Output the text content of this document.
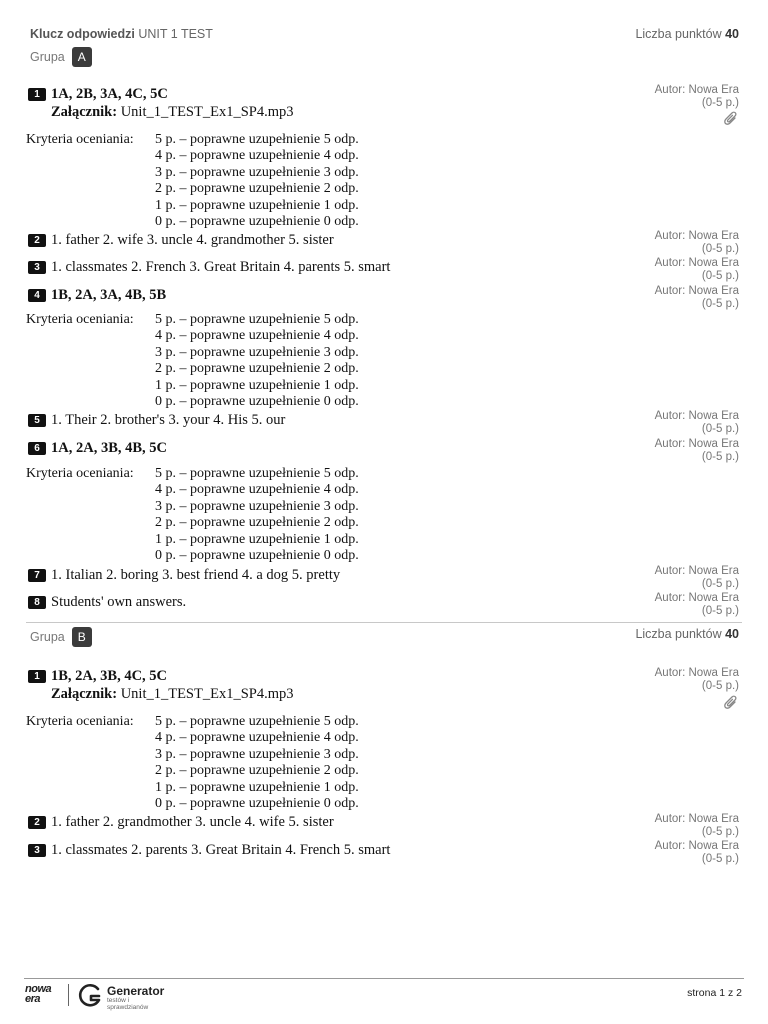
Klucz odpowiedzi UNIT 1 TEST	Liczba punktów 40
Grupa A
1 1A, 2B, 3A, 4C, 5C
Załącznik: Unit_1_TEST_Ex1_SP4.mp3
Autor: Nowa Era
(0-5 p.)
Kryteria oceniania: 5 p. – poprawne uzupełnienie 5 odp.
4 p. – poprawne uzupełnienie 4 odp.
3 p. – poprawne uzupełnienie 3 odp.
2 p. – poprawne uzupełnienie 2 odp.
1 p. – poprawne uzupełnienie 1 odp.
0 p. – poprawne uzupełnienie 0 odp.
2 1. father 2. wife 3. uncle 4. grandmother 5. sister	Autor: Nowa Era
(0-5 p.)
3 1. classmates 2. French 3. Great Britain 4. parents 5. smart	Autor: Nowa Era
(0-5 p.)
4 1B, 2A, 3A, 4B, 5B	Autor: Nowa Era
(0-5 p.)
Kryteria oceniania: 5 p. – poprawne uzupełnienie 5 odp.
4 p. – poprawne uzupełnienie 4 odp.
3 p. – poprawne uzupełnienie 3 odp.
2 p. – poprawne uzupełnienie 2 odp.
1 p. – poprawne uzupełnienie 1 odp.
0 p. – poprawne uzupełnienie 0 odp.
5 1. Their 2. brother's 3. your 4. His 5. our	Autor: Nowa Era
(0-5 p.)
6 1A, 2A, 3B, 4B, 5C	Autor: Nowa Era
(0-5 p.)
Kryteria oceniania: 5 p. – poprawne uzupełnienie 5 odp.
4 p. – poprawne uzupełnienie 4 odp.
3 p. – poprawne uzupełnienie 3 odp.
2 p. – poprawne uzupełnienie 2 odp.
1 p. – poprawne uzupełnienie 1 odp.
0 p. – poprawne uzupełnienie 0 odp.
7 1. Italian 2. boring 3. best friend 4. a dog 5. pretty	Autor: Nowa Era
(0-5 p.)
8 Students' own answers.	Autor: Nowa Era
(0-5 p.)
Grupa B	Liczba punktów 40
1 1B, 2A, 3B, 4C, 5C
Załącznik: Unit_1_TEST_Ex1_SP4.mp3
Autor: Nowa Era
(0-5 p.)
Kryteria oceniania: 5 p. – poprawne uzupełnienie 5 odp.
4 p. – poprawne uzupełnienie 4 odp.
3 p. – poprawne uzupełnienie 3 odp.
2 p. – poprawne uzupełnienie 2 odp.
1 p. – poprawne uzupełnienie 1 odp.
0 p. – poprawne uzupełnienie 0 odp.
2 1. father 2. grandmother 3. uncle 4. wife 5. sister	Autor: Nowa Era
(0-5 p.)
3 1. classmates 2. parents 3. Great Britain 4. French 5. smart	Autor: Nowa Era
(0-5 p.)
nowa
era
Generator
testów i sprawdzianów
strona 1 z 2
